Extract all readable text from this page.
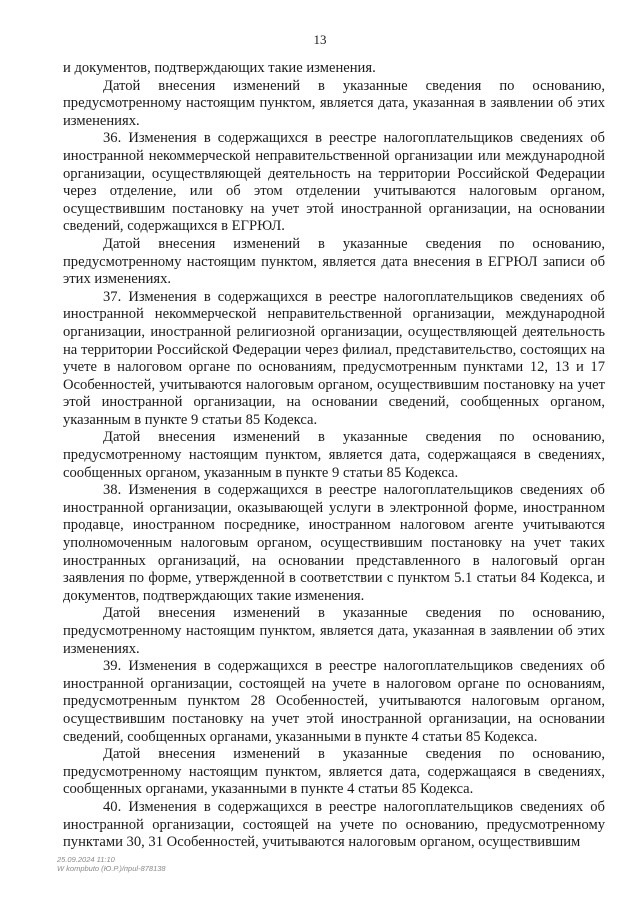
13

и документов, подтверждающих такие изменения.

Датой внесения изменений в указанные сведения по основанию, предусмотренному настоящим пунктом, является дата, указанная в заявлении об этих изменениях.

36. Изменения в содержащихся в реестре налогоплательщиков сведениях об иностранной некоммерческой неправительственной организации или международной организации, осуществляющей деятельность на территории Российской Федерации через отделение, или об этом отделении учитываются налоговым органом, осуществившим постановку на учет этой иностранной организации, на основании сведений, содержащихся в ЕГРЮЛ.

Датой внесения изменений в указанные сведения по основанию, предусмотренному настоящим пунктом, является дата внесения в ЕГРЮЛ записи об этих изменениях.

37. Изменения в содержащихся в реестре налогоплательщиков сведениях об иностранной некоммерческой неправительственной организации, международной организации, иностранной религиозной организации, осуществляющей деятельность на территории Российской Федерации через филиал, представительство, состоящих на учете в налоговом органе по основаниям, предусмотренным пунктами 12, 13 и 17 Особенностей, учитываются налоговым органом, осуществившим постановку на учет этой иностранной организации, на основании сведений, сообщенных органом, указанным в пункте 9 статьи 85 Кодекса.

Датой внесения изменений в указанные сведения по основанию, предусмотренному настоящим пунктом, является дата, содержащаяся в сведениях, сообщенных органом, указанным в пункте 9 статьи 85 Кодекса.

38. Изменения в содержащихся в реестре налогоплательщиков сведениях об иностранной организации, оказывающей услуги в электронной форме, иностранном продавце, иностранном посреднике, иностранном налоговом агенте учитываются уполномоченным налоговым органом, осуществившим постановку на учет таких иностранных организаций, на основании представленного в налоговый орган заявления по форме, утвержденной в соответствии с пунктом 5.1 статьи 84 Кодекса, и документов, подтверждающих такие изменения.

Датой внесения изменений в указанные сведения по основанию, предусмотренному настоящим пунктом, является дата, указанная в заявлении об этих изменениях.

39. Изменения в содержащихся в реестре налогоплательщиков сведениях об иностранной организации, состоящей на учете в налоговом органе по основаниям, предусмотренным пунктом 28 Особенностей, учитываются налоговым органом, осуществившим постановку на учет этой иностранной организации, на основании сведений, сообщенных органами, указанными в пункте 4 статьи 85 Кодекса.

Датой внесения изменений в указанные сведения по основанию, предусмотренному настоящим пунктом, является дата, содержащаяся в сведениях, сообщенных органами, указанными в пункте 4 статьи 85 Кодекса.

40. Изменения в содержащихся в реестре налогоплательщиков сведениях об иностранной организации, состоящей на учете по основанию, предусмотренному пунктами 30, 31 Особенностей, учитываются налоговым органом, осуществившим

25.09.2024 11:10
W kompbuto (Ю.Р.)/приl-878138
